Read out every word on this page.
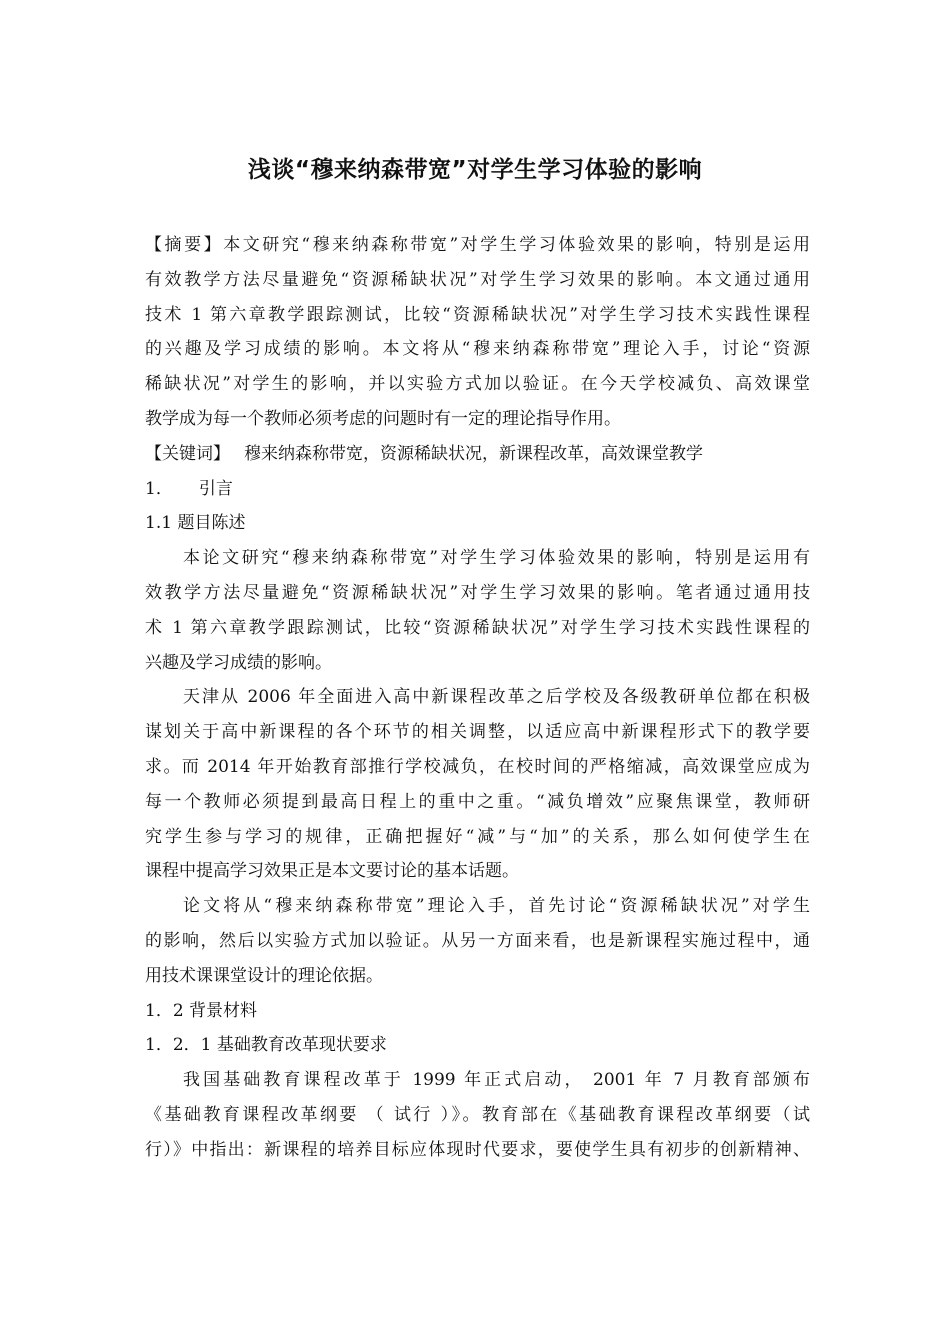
浅谈“穆来纳森带宽”对学生学习体验的影响
【摘要】本文研究“穆来纳森称带宽”对学生学习体验效果的影响，特别是运用
有效教学方法尽量避免“资源稀缺状况”对学生学习效果的影响。本文通过通用
技术 1 第六章教学跟踪测试，比较“资源稀缺状况”对学生学习技术实践性课程
的兴趣及学习成绩的影响。本文将从“穆来纳森称带宽”理论入手，讨论“资源
稀缺状况”对学生的影响，并以实验方式加以验证。在今天学校减负、高效课堂
教学成为每一个教师必须考虑的问题时有一定的理论指导作用。
【关键词】 穆来纳森称带宽，资源稀缺状况，新课程改革，高效课堂教学
1． 引言
1.1 题目陈述
本论文研究“穆来纳森称带宽”对学生学习体验效果的影响，特别是运用有
效教学方法尽量避免“资源稀缺状况”对学生学习效果的影响。笔者通过通用技
术 1 第六章教学跟踪测试，比较“资源稀缺状况”对学生学习技术实践性课程的
兴趣及学习成绩的影响。
天津从 2006 年全面进入高中新课程改革之后学校及各级教研单位都在积极
谋划关于高中新课程的各个环节的相关调整，以适应高中新课程形式下的教学要
求。而 2014 年开始教育部推行学校减负，在校时间的严格缩减，高效课堂应成为
每一个教师必须提到最高日程上的重中之重。“减负增效”应聚焦课堂，教师研
究学生参与学习的规律，正确把握好“减”与“加”的关系，那么如何使学生在
课程中提高学习效果正是本文要讨论的基本话题。
论文将从“穆来纳森称带宽”理论入手，首先讨论“资源稀缺状况”对学生
的影响，然后以实验方式加以验证。从另一方面来看，也是新课程实施过程中，通
用技术课课堂设计的理论依据。
1．2 背景材料
1．2．1 基础教育改革现状要求
我国基础教育课程改革于 1999 年正式启动， 2001 年 7 月教育部颁布
《基础教育课程改革纲要 （ 试行 ）》。教育部在《基础教育课程改革纲要（试
行）》中指出：新课程的培养目标应体现时代要求，要使学生具有初步的创新精神、
